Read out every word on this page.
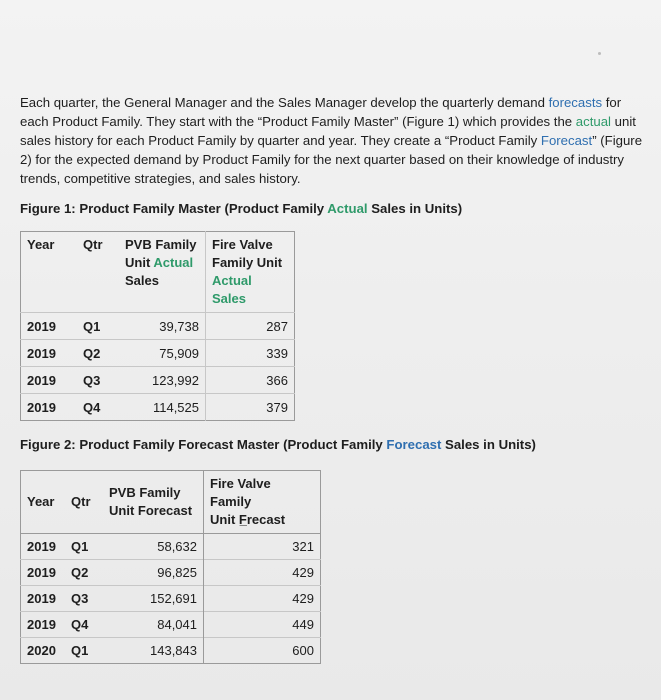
Each quarter, the General Manager and the Sales Manager develop the quarterly demand forecasts for each Product Family. They start with the “Product Family Master” (Figure 1) which provides the actual unit sales history for each Product Family by quarter and year. They create a “Product Family Forecast” (Figure 2) for the expected demand by Product Family for the next quarter based on their knowledge of industry trends, competitive strategies, and sales history.
Figure 1: Product Family Master (Product Family Actual Sales in Units)
Year	Qtr	PVB Family
Unit Actual
Sales	Fire Valve
Family Unit
Actual Sales
2019	Q1	39,738	287
2019	Q2	75,909	339
2019	Q3	123,992	366
2019	Q4	114,525	379
Figure 2: Product Family Forecast Master (Product Family Forecast Sales in Units)
Year	Qtr	PVB Family
Unit Forecast	Fire Valve Family
Unit F̲recast
2019	Q1	58,632	321
2019	Q2	96,825	429
2019	Q3	152,691	429
2019	Q4	84,041	449
2020	Q1	143,843	600
